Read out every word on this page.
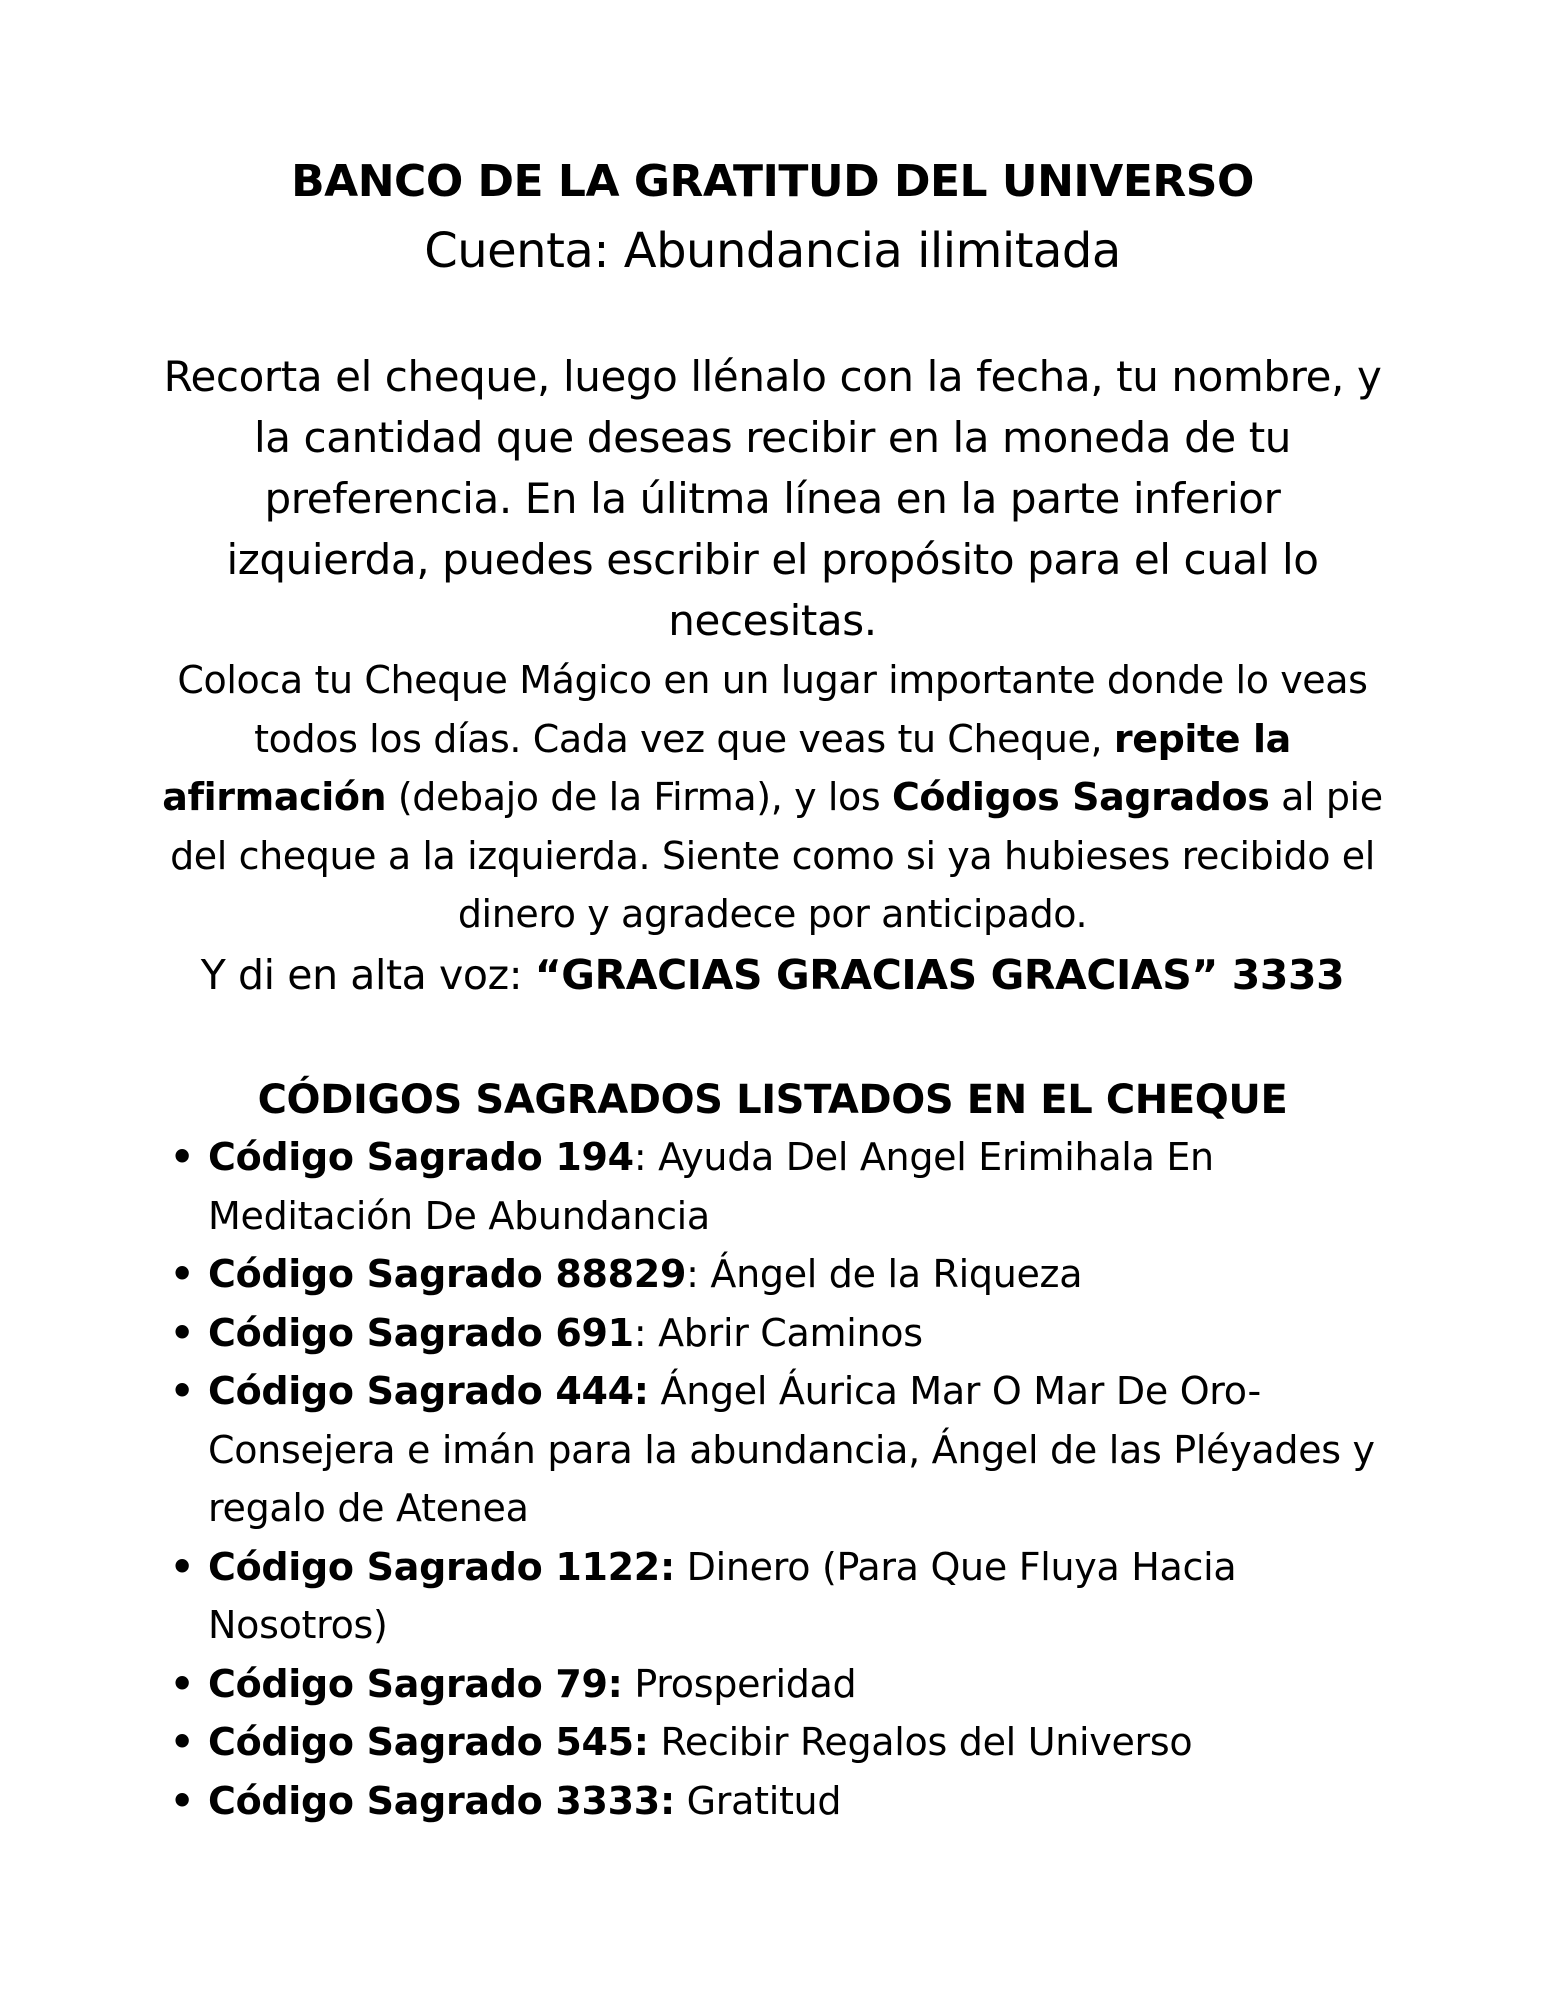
BANCO DE LA GRATITUD DEL UNIVERSO
Cuenta: Abundancia ilimitada
Recorta el cheque, luego llénalo con la fecha, tu nombre, y la cantidad que deseas recibir en la moneda de tu preferencia. En la úlitma línea en la parte inferior izquierda, puedes escribir el propósito para el cual lo necesitas.
Coloca tu Cheque Mágico en un lugar importante donde lo veas todos los días. Cada vez que veas tu Cheque, repite la afirmación (debajo de la Firma), y los Códigos Sagrados al pie del cheque a la izquierda. Siente como si ya hubieses recibido el dinero y agradece por anticipado.
Y di en alta voz: “GRACIAS GRACIAS GRACIAS” 3333
CÓDIGOS SAGRADOS LISTADOS EN EL CHEQUE
• Código Sagrado 194: Ayuda Del Angel Erimihala En Meditación De Abundancia
• Código Sagrado 88829: Ángel de la Riqueza
• Código Sagrado 691: Abrir Caminos
• Código Sagrado 444: Ángel Áurica Mar O Mar De Oro- Consejera e imán para la abundancia, Ángel de las Pléyades y regalo de Atenea
• Código Sagrado 1122: Dinero (Para Que Fluya Hacia Nosotros)
• Código Sagrado 79: Prosperidad
• Código Sagrado 545: Recibir Regalos del Universo
• Código Sagrado 3333: Gratitud
